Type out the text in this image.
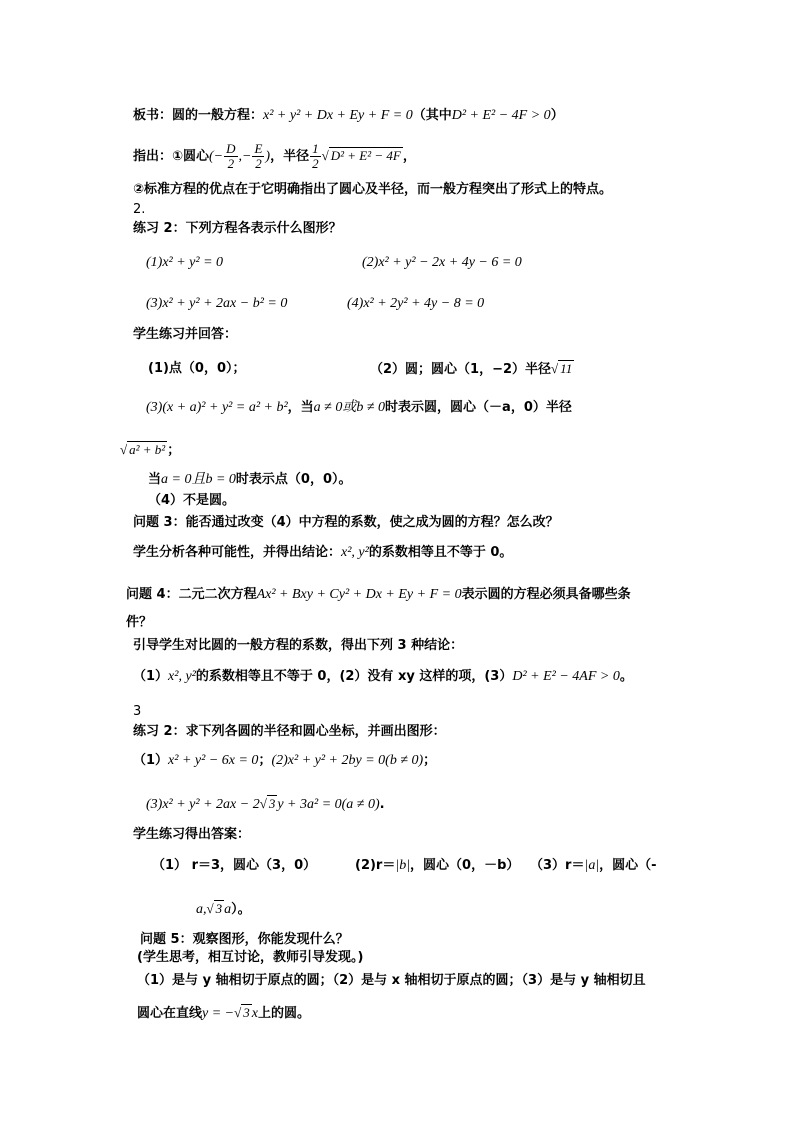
板书：圆的一般方程：x² + y² + Dx + Ey + F = 0（其中D² + E² − 4F > 0）
指出：①圆心(− $\frac{D}{2}$ ,− $\frac{E}{2}$ )，半径 $\frac{1}{2}$ √ D² + E² − 4F ，
②标准方程的优点在于它明确指出了圆心及半径，而一般方程突出了形式上的特点。
2.
练习 2：下列方程各表示什么图形？
(1)x² + y² = 0	(2)x² + y² − 2x + 4y − 6 = 0
(3)x² + y² + 2ax − b² = 0	(4)x² + 2y² + 4y − 8 = 0
学生练习并回答：
(1)点（0，0）；	（2）圆；圆心（1，−2）半径√ 11
(3)(x + a)² + y² = a² + b²，当a ≠ 0或b ≠ 0时表示圆，圆心（－a，0）半径
√ a² + b² ；
当a = 0且b = 0时表示点（0，0）。
（4）不是圆。
问题 3：能否通过改变（4）中方程的系数，使之成为圆的方程？怎么改？
学生分析各种可能性，并得出结论：x², y²的系数相等且不等于 0。
问题 4：二元二次方程Ax² + Bxy + Cy² + Dx + Ey + F = 0表示圆的方程必须具备哪些条
件？
引导学生对比圆的一般方程的系数，得出下列 3 种结论：
（1）x², y²的系数相等且不等于 0，(2）没有 xy 这样的项，(3）D² + E² − 4AF > 0。
3
练习 2：求下列各圆的半径和圆心坐标，并画出图形：
（1）x² + y² − 6x = 0；(2)x² + y² + 2by = 0(b ≠ 0)；
(3)x² + y² + 2ax − 2√ 3 y + 3a² = 0(a ≠ 0).
学生练习得出答案：
（1） r＝3，圆心（3，0）	(2)r＝|b|，圆心（0，－b） （3）r＝|a|，圆心（-
a,√ 3 a）。
问题 5：观察图形，你能发现什么？
(学生思考，相互讨论，教师引导发现。)
（1）是与 y 轴相切于原点的圆；（2）是与 x 轴相切于原点的圆；（3）是与 y 轴相切且
圆心在直线y = −√ 3 x上的圆。
